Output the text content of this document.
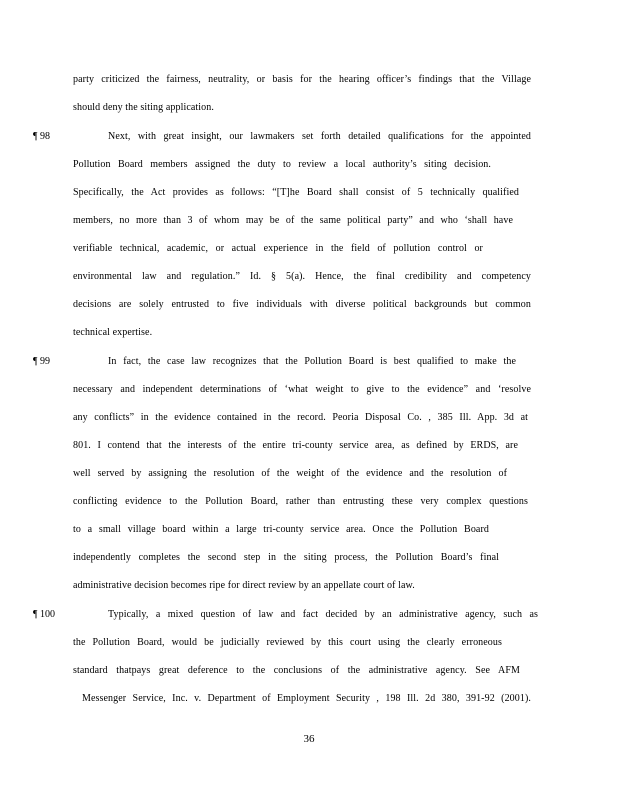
party criticized the fairness, neutrality, or basis for the hearing officer’s findings that the Village
should deny the siting application.
¶ 98	Next, with great insight, our lawmakers set forth detailed qualifications for the appointed
Pollution Board members assigned the duty to review a local authority’s siting decision.
Specifically, the Act provides as follows: “[T]he Board shall consist of 5 technically qualified
members, no more than 3 of whom may be of the same political party” and who ‘shall have
verifiable technical, academic, or actual experience in the field of pollution control or
environmental law and regulation.” Id. § 5(a). Hence, the final credibility and competency
decisions are solely entrusted to five individuals with diverse political backgrounds but common
technical expertise.
¶ 99	In fact, the case law recognizes that the Pollution Board is best qualified to make the
necessary and independent determinations of ‘what weight to give to the evidence” and ‘resolve
any conflicts” in the evidence contained in the record. Peoria Disposal Co. , 385 Ill. App. 3d at
801. I contend that the interests of the entire tri-county service area, as defined by ERDS, are
well served by assigning the resolution of the weight of the evidence and the resolution of
conflicting evidence to the Pollution Board, rather than entrusting these very complex questions
to a small village board within a large tri-county service area. Once the Pollution Board
independently completes the second step in the siting process, the Pollution Board’s final
administrative decision becomes ripe for direct review by an appellate court of law.
¶ 100	Typically, a mixed question of law and fact decided by an administrative agency, such as
the Pollution Board, would be judicially reviewed by this court using the clearly erroneous
standard thatpays great deference to the conclusions of the administrative agency. See AFM
Messenger Service, Inc. v. Department of Employment Security , 198 Ill. 2d 380, 391-92 (2001).
36
